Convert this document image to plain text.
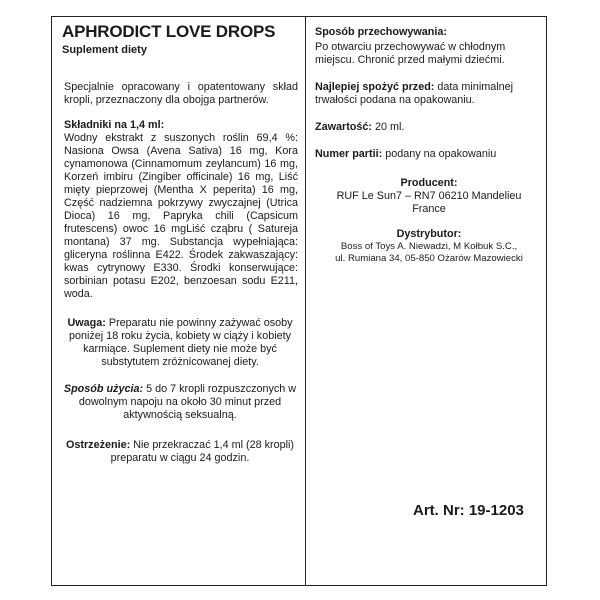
APHRODICT LOVE DROPS
Suplement diety
Specjalnie opracowany i opatentowany skład kropli, przeznaczony dla obojga partnerów.
Składniki na 1,4 ml:
Wodny ekstrakt z suszonych roślin 69,4 %: Nasiona Owsa (Avena Sativa) 16 mg, Kora cynamonowa (Cinnamomum zeylancum) 16 mg, Korzeń imbiru (Zingiber officinale) 16 mg, Liść mięty pieprzowej (Mentha X peperita) 16 mg, Część nadziemna pokrzywy zwyczajnej (Utrica Dioca) 16 mg, Papryka chili (Capsicum frutescens) owoc 16 mgLiść cząbru ( Satureja montana) 37 mg. Substancja wypełniająca: gliceryna roślinna E422. Środek zakwaszający: kwas cytrynowy E330. Środki konserwujące: sorbinian potasu E202, benzoesan sodu E211, woda.
Uwaga: Preparatu nie powinny zażywać osoby poniżej 18 roku życia, kobiety w ciąży i kobiety karmiące. Suplement diety nie może być substytutem zróżnicowanej diety.
Sposób użycia: 5 do 7 kropli rozpuszczonych w dowolnym napoju na około 30 minut przed aktywnością seksualną.
Ostrzeżenie: Nie przekraczać 1,4 ml (28 kropli) preparatu w ciągu 24 godzin.
Sposób przechowywania:
Po otwarciu przechowywać w chłodnym miejscu. Chronić przed małymi dziećmi.
Najlepiej spożyć przed: data minimalnej trwałości podana na opakowaniu.
Zawartość: 20 ml.
Numer partii: podany na opakowaniu
Producent:
RUF Le Sun7 – RN7 06210 Mandelieu
France
Dystrybutor:
Boss of Toys A. Niewadzi, M Kołbuk S.C.,
ul. Rumiana 34, 05-850 Ożarów Mazowiecki
Art. Nr: 19-1203
